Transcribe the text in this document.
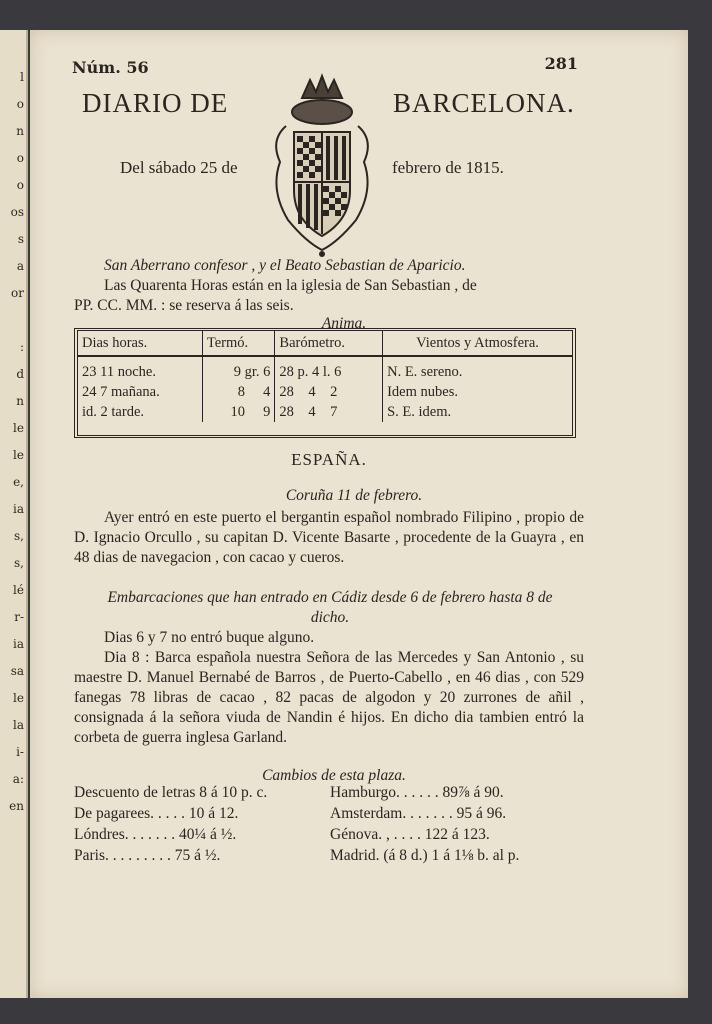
l
o
n
o
o
os
s
a
or
:
d
n
le
le
e,
ia
s,
s,
lé
r-
ia
sa
le
la
i-
a:
en
Núm. 56	281
DIARIO DE	BARCELONA.
Del sábado 25 de	febrero de 1815.
San Aberrano confesor , y el Beato Sebastian de Aparicio.
Las Quarenta Horas están en la iglesia de San Sebastian , de
PP. CC. MM. : se reserva á las seis.
Anima.
Dias horas.	Termó.	Barómetro.	Vientos y Atmosfera.
23 11 noche.	9 gr. 6	28 p. 4 l. 6	N. E. sereno.
24 7 mañana.	8     4	28    4    2	Idem nubes.
id. 2 tarde.	10     9	28    4    7	S. E. idem.
ESPAÑA.
Coruña 11 de febrero.
Ayer entró en este puerto el bergantin español nombrado Filipino , propio de D. Ignacio Orcullo , su capitan D. Vicente Basarte , procedente de la Guayra , en 48 dias de navegacion , con cacao y cueros.
Embarcaciones que han entrado en Cádiz desde 6 de febrero hasta 8 de dicho.
Dias 6 y 7 no entró buque alguno.
Dia 8 : Barca española nuestra Señora de las Mercedes y San Antonio , su maestre D. Manuel Bernabé de Barros , de Puerto-Cabello , en 46 dias , con 529 fanegas 78 libras de cacao , 82 pacas de algodon y 20 zurrones de añil , consignada á la señora viuda de Nandin é hijos. En dicho dia tambien entró la corbeta de guerra inglesa Garland.
Cambios de esta plaza.
Descuento de letras 8 á 10 p. c.	Hamburgo. . . . . . 89⅞ á 90.
De pagarees. . . . . 10 á 12.	Amsterdam. . . . . . . 95 á 96.
Lóndres. . . . . . . 40¼ á ½.	Génova. , . . . . 122 á 123.
Paris. . . . . . . . . 75 á ½.	Madrid. (á 8 d.) 1 á 1⅛ b. al p.
